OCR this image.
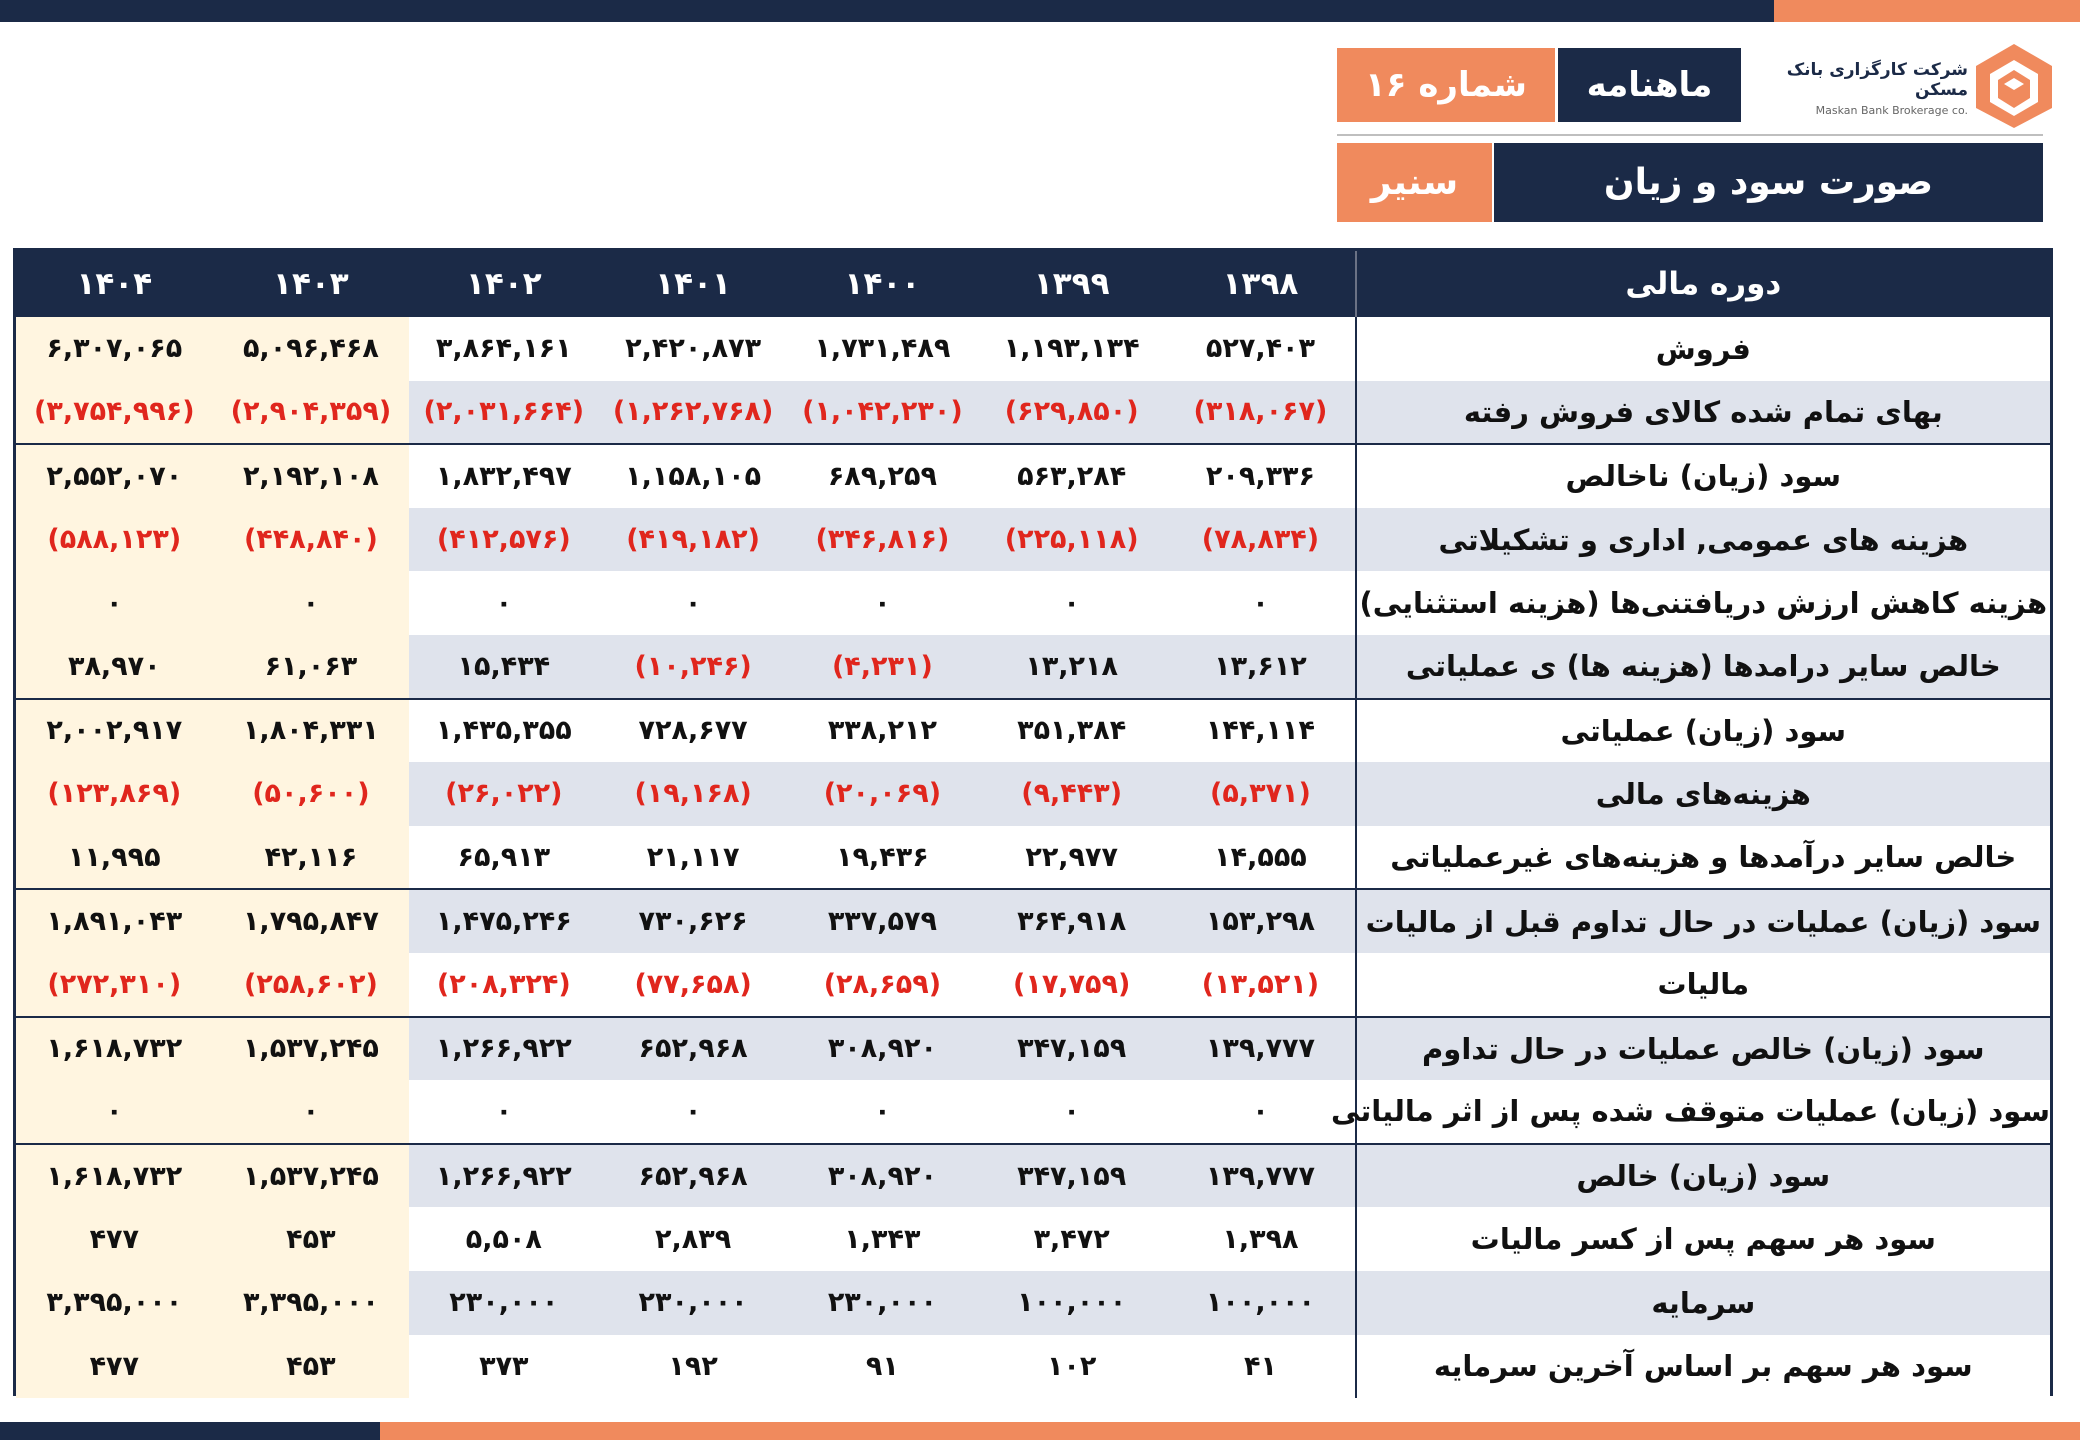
شماره ۱۶	ماهنامه	شرکت کارگزاری بانک مسکن
Maskan Bank Brokerage co.
صورت سود و زیان
سنیر
۱۴۰۴	۱۴۰۳	۱۴۰۲	۱۴۰۱	۱۴۰۰	۱۳۹۹	۱۳۹۸	دوره مالی
۶,۳۰۷,۰۶۵	۵,۰۹۶,۴۶۸	۳,۸۶۴,۱۶۱	۲,۴۲۰,۸۷۳	۱,۷۳۱,۴۸۹	۱,۱۹۳,۱۳۴	۵۲۷,۴۰۳	فروش
(۳,۷۵۴,۹۹۶)	(۲,۹۰۴,۳۵۹)	(۲,۰۳۱,۶۶۴)	(۱,۲۶۲,۷۶۸)	(۱,۰۴۲,۲۳۰)	(۶۲۹,۸۵۰)	(۳۱۸,۰۶۷)	بهای تمام شده کالای فروش رفته
۲,۵۵۲,۰۷۰	۲,۱۹۲,۱۰۸	۱,۸۳۲,۴۹۷	۱,۱۵۸,۱۰۵	۶۸۹,۲۵۹	۵۶۳,۲۸۴	۲۰۹,۳۳۶	سود (زیان) ناخالص
(۵۸۸,۱۲۳)	(۴۴۸,۸۴۰)	(۴۱۲,۵۷۶)	(۴۱۹,۱۸۲)	(۳۴۶,۸۱۶)	(۲۲۵,۱۱۸)	(۷۸,۸۳۴)	هزینه های عمومی, اداری و تشکیلاتی
۰	۰	۰	۰	۰	۰	۰	هزینه کاهش ارزش دریافتنی‌ها (هزینه استثنایی)
۳۸,۹۷۰	۶۱,۰۶۳	۱۵,۴۳۴	(۱۰,۲۴۶)	(۴,۲۳۱)	۱۳,۲۱۸	۱۳,۶۱۲	خالص سایر درامدها (هزینه ها) ی عملیاتی
۲,۰۰۲,۹۱۷	۱,۸۰۴,۳۳۱	۱,۴۳۵,۳۵۵	۷۲۸,۶۷۷	۳۳۸,۲۱۲	۳۵۱,۳۸۴	۱۴۴,۱۱۴	سود (زیان) عملیاتی
(۱۲۳,۸۶۹)	(۵۰,۶۰۰)	(۲۶,۰۲۲)	(۱۹,۱۶۸)	(۲۰,۰۶۹)	(۹,۴۴۳)	(۵,۳۷۱)	هزینه‌های مالی
۱۱,۹۹۵	۴۲,۱۱۶	۶۵,۹۱۳	۲۱,۱۱۷	۱۹,۴۳۶	۲۲,۹۷۷	۱۴,۵۵۵	خالص سایر درآمدها و هزینه‌های غیرعملیاتی
۱,۸۹۱,۰۴۳	۱,۷۹۵,۸۴۷	۱,۴۷۵,۲۴۶	۷۳۰,۶۲۶	۳۳۷,۵۷۹	۳۶۴,۹۱۸	۱۵۳,۲۹۸	سود (زیان) عملیات در حال تداوم قبل از مالیات
(۲۷۲,۳۱۰)	(۲۵۸,۶۰۲)	(۲۰۸,۳۲۴)	(۷۷,۶۵۸)	(۲۸,۶۵۹)	(۱۷,۷۵۹)	(۱۳,۵۲۱)	مالیات
۱,۶۱۸,۷۳۲	۱,۵۳۷,۲۴۵	۱,۲۶۶,۹۲۲	۶۵۲,۹۶۸	۳۰۸,۹۲۰	۳۴۷,۱۵۹	۱۳۹,۷۷۷	سود (زیان) خالص عملیات در حال تداوم
۰	۰	۰	۰	۰	۰	۰	سود (زیان) عملیات متوقف شده پس از اثر مالیاتی
۱,۶۱۸,۷۳۲	۱,۵۳۷,۲۴۵	۱,۲۶۶,۹۲۲	۶۵۲,۹۶۸	۳۰۸,۹۲۰	۳۴۷,۱۵۹	۱۳۹,۷۷۷	سود (زیان) خالص
۴۷۷	۴۵۳	۵,۵۰۸	۲,۸۳۹	۱,۳۴۳	۳,۴۷۲	۱,۳۹۸	سود هر سهم پس از کسر مالیات
۳,۳۹۵,۰۰۰	۳,۳۹۵,۰۰۰	۲۳۰,۰۰۰	۲۳۰,۰۰۰	۲۳۰,۰۰۰	۱۰۰,۰۰۰	۱۰۰,۰۰۰	سرمایه
۴۷۷	۴۵۳	۳۷۳	۱۹۲	۹۱	۱۰۲	۴۱	سود هر سهم بر اساس آخرین سرمایه
